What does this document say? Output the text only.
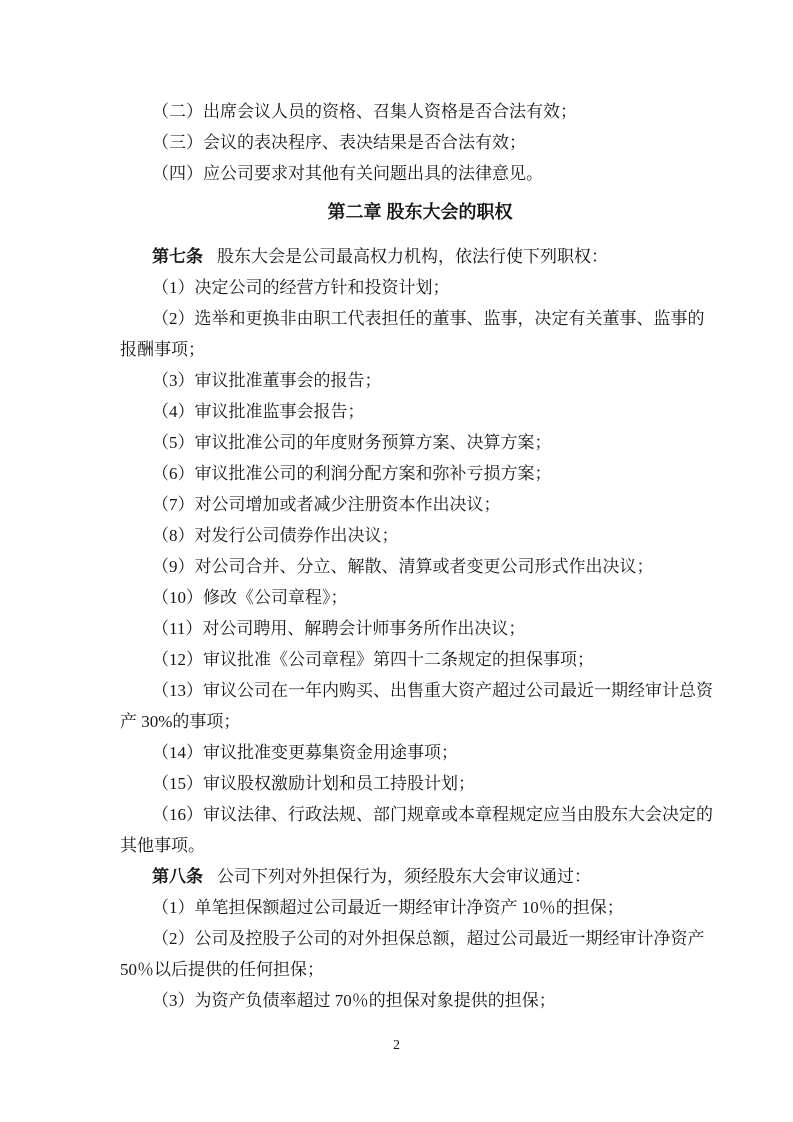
（二）出席会议人员的资格、召集人资格是否合法有效；
（三）会议的表决程序、表决结果是否合法有效；
（四）应公司要求对其他有关问题出具的法律意见。
第二章 股东大会的职权
第七条 股东大会是公司最高权力机构，依法行使下列职权：
（1）决定公司的经营方针和投资计划；
（2）选举和更换非由职工代表担任的董事、监事，决定有关董事、监事的
报酬事项；
（3）审议批准董事会的报告；
（4）审议批准监事会报告；
（5）审议批准公司的年度财务预算方案、决算方案；
（6）审议批准公司的利润分配方案和弥补亏损方案；
（7）对公司增加或者减少注册资本作出决议；
（8）对发行公司债券作出决议；
（9）对公司合并、分立、解散、清算或者变更公司形式作出决议；
（10）修改《公司章程》；
（11）对公司聘用、解聘会计师事务所作出决议；
（12）审议批准《公司章程》第四十二条规定的担保事项；
（13）审议公司在一年内购买、出售重大资产超过公司最近一期经审计总资
产 30%的事项；
（14）审议批准变更募集资金用途事项；
（15）审议股权激励计划和员工持股计划；
（16）审议法律、行政法规、部门规章或本章程规定应当由股东大会决定的
其他事项。
第八条 公司下列对外担保行为，须经股东大会审议通过：
（1）单笔担保额超过公司最近一期经审计净资产 10％的担保；
（2）公司及控股子公司的对外担保总额，超过公司最近一期经审计净资产
50％以后提供的任何担保；
（3）为资产负债率超过 70％的担保对象提供的担保；
2
